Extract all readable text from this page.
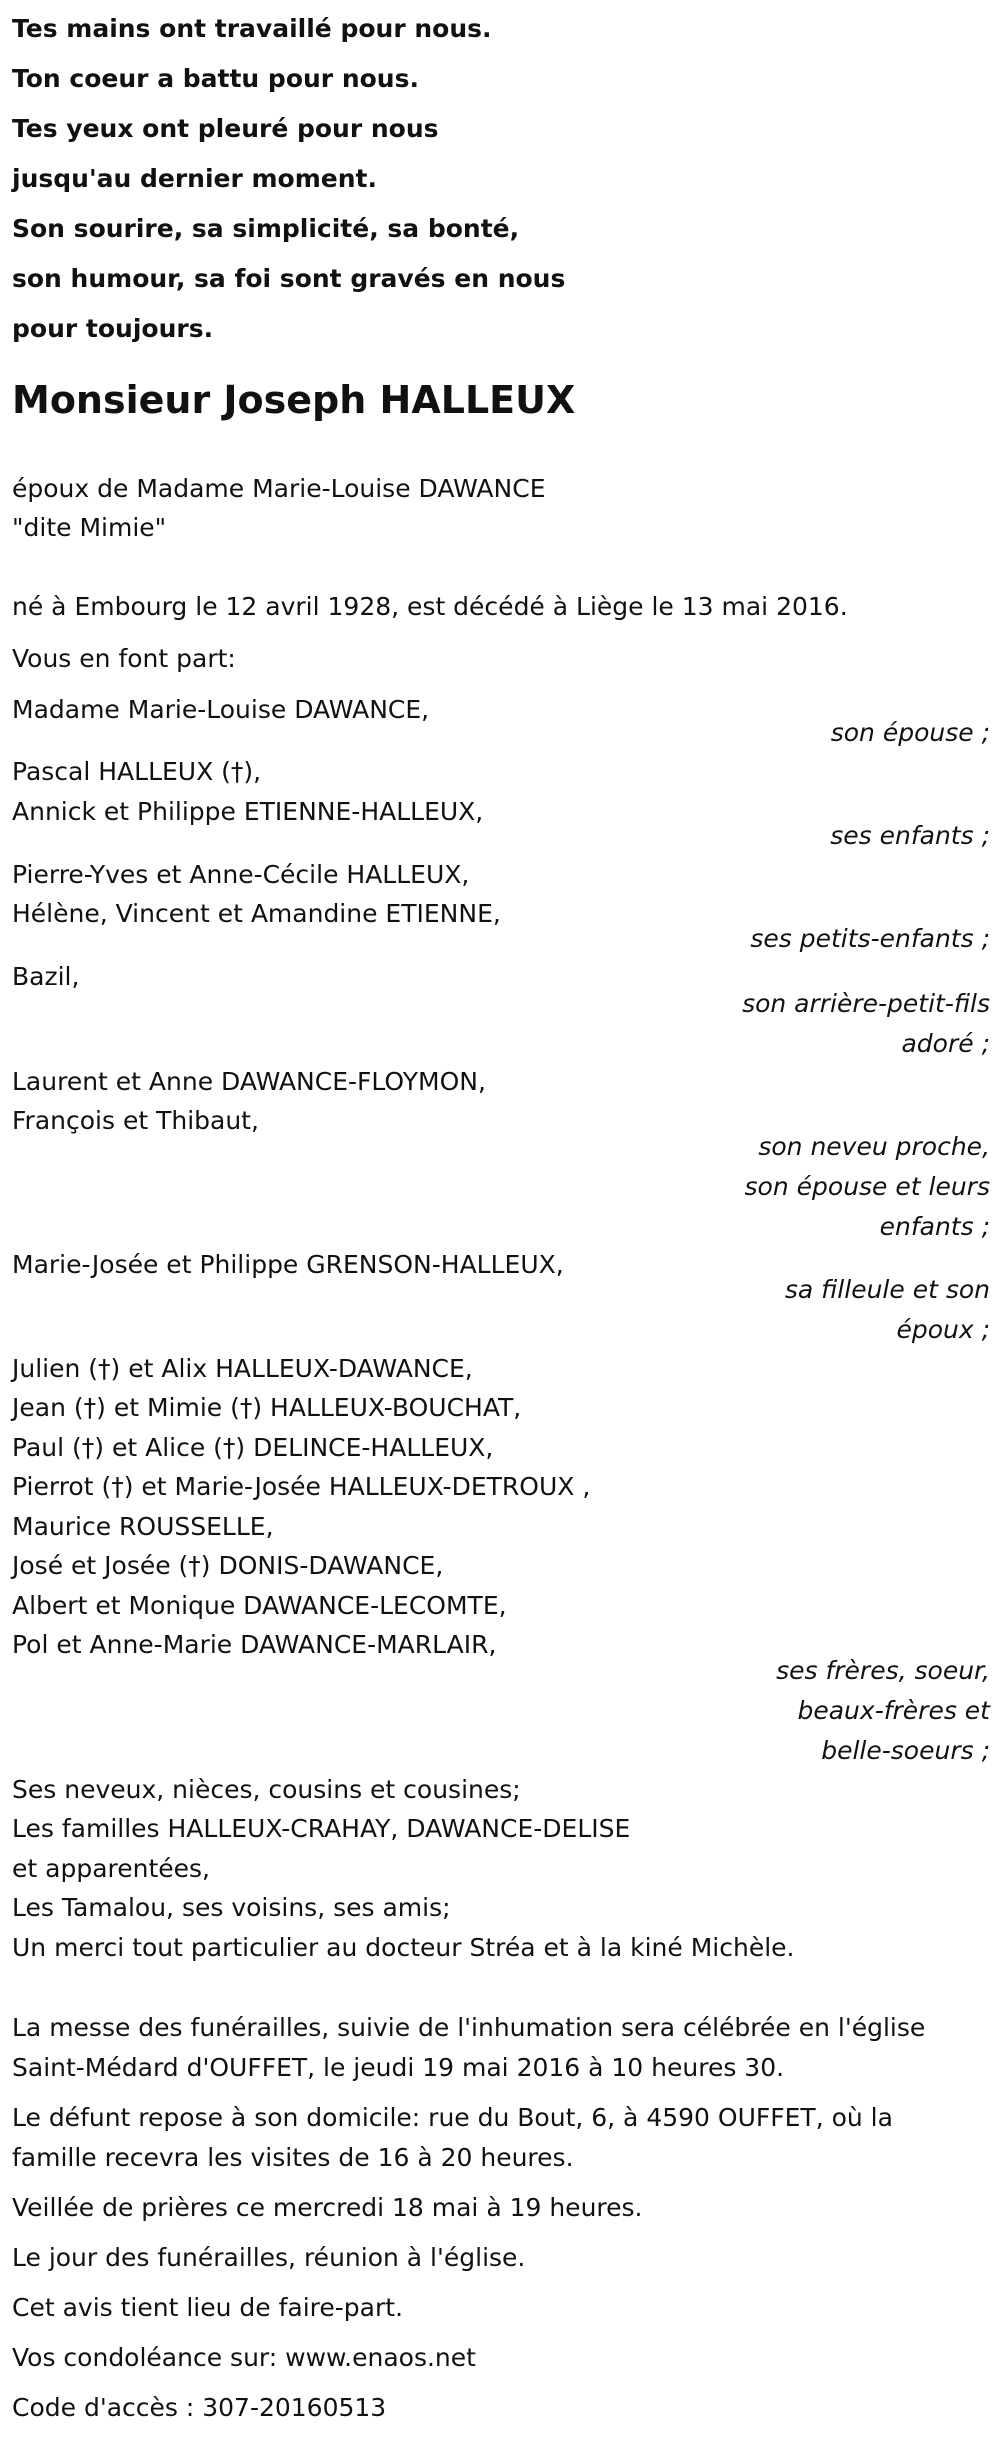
Tes mains ont travaillé pour nous.
Ton coeur a battu pour nous.
Tes yeux ont pleuré pour nous
jusqu'au dernier moment.
Son sourire, sa simplicité, sa bonté,
son humour, sa foi sont gravés en nous
pour toujours.
Monsieur Joseph HALLEUX
époux de Madame Marie-Louise DAWANCE
"dite Mimie"
né à Embourg le 12 avril 1928, est décédé à Liège le 13 mai 2016.
Vous en font part:
Madame Marie-Louise DAWANCE,
son épouse ;
Pascal HALLEUX (†),
Annick et Philippe ETIENNE-HALLEUX,
ses enfants ;
Pierre-Yves et Anne-Cécile HALLEUX,
Hélène, Vincent et Amandine ETIENNE,
ses petits-enfants ;
Bazil,
son arrière-petit-fils
adoré ;
Laurent et Anne DAWANCE-FLOYMON,
François et Thibaut,
son neveu proche,
son épouse et leurs
enfants ;
Marie-Josée et Philippe GRENSON-HALLEUX,
sa filleule et son
époux ;
Julien (†) et Alix HALLEUX-DAWANCE,
Jean (†) et Mimie (†) HALLEUX-BOUCHAT,
Paul (†) et Alice (†) DELINCE-HALLEUX,
Pierrot (†) et Marie-Josée HALLEUX-DETROUX ,
Maurice ROUSSELLE,
José et Josée (†) DONIS-DAWANCE,
Albert et Monique DAWANCE-LECOMTE,
Pol et Anne-Marie DAWANCE-MARLAIR,
ses frères, soeur,
beaux-frères et
belle-soeurs ;
Ses neveux, nièces, cousins et cousines;
Les familles HALLEUX-CRAHAY, DAWANCE-DELISE
et apparentées,
Les Tamalou, ses voisins, ses amis;
Un merci tout particulier au docteur Stréa et à la kiné Michèle.
La messe des funérailles, suivie de l'inhumation sera célébrée en l'église
Saint-Médard d'OUFFET, le jeudi 19 mai 2016 à 10 heures 30.
Le défunt repose à son domicile: rue du Bout, 6, à 4590 OUFFET, où la
famille recevra les visites de 16 à 20 heures.
Veillée de prières ce mercredi 18 mai à 19 heures.
Le jour des funérailles, réunion à l'église.
Cet avis tient lieu de faire-part.
Vos condoléance sur: www.enaos.net
Code d'accès : 307-20160513
